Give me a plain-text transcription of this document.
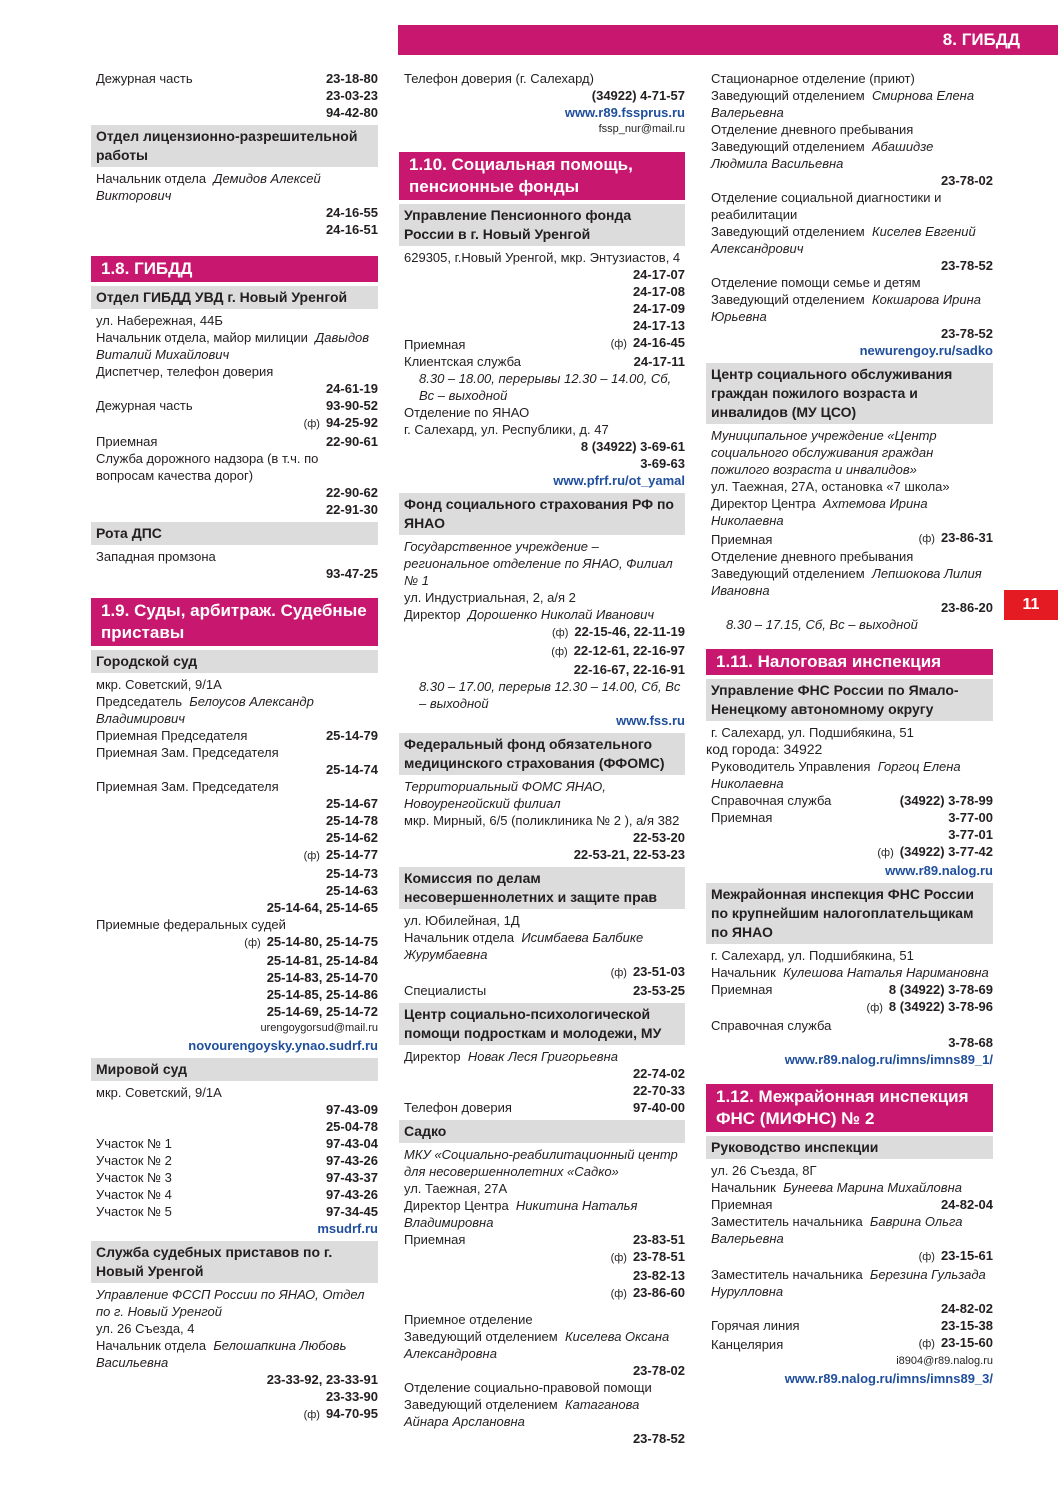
8. ГИБДД
11
Дежурная часть	23-18-80
23-03-23
94-42-80
Отдел лицензионно-разрешительной работы
Начальник отдела Демидов Алексей Викторович
24-16-55
24-16-51
1.8. ГИБДД
Отдел ГИБДД УВД г. Новый Уренгой
ул. Набережная, 44Б
Начальник отдела, майор милиции Давыдов Виталий Михайлович
Диспетчер, телефон доверия
24-61-19
Дежурная часть	93-90-52
(ф) 94-25-92
Приемная	22-90-61
Служба дорожного надзора (в т.ч. по вопросам качества дорог)
22-90-62
22-91-30
Рота ДПС
Западная промзона
93-47-25
1.9. Суды, арбитраж. Судебные приставы
Городской суд
мкр. Советский, 9/1А
Председатель Белоусов Александр Владимирович
Приемная Председателя	25-14-79
Приемная Зам. Председателя
25-14-74
Приемная Зам. Председателя
25-14-67
25-14-78
25-14-62
(ф) 25-14-77
25-14-73
25-14-63
25-14-64, 25-14-65
Приемные федеральных судей
(ф) 25-14-80, 25-14-75
25-14-81, 25-14-84
25-14-83, 25-14-70
25-14-85, 25-14-86
25-14-69, 25-14-72
urengoygorsud@mail.ru
novourengoysky.ynao.sudrf.ru
Мировой суд
мкр. Советский, 9/1А
97-43-09
25-04-78
Участок № 1	97-43-04
Участок № 2	97-43-26
Участок № 3	97-43-37
Участок № 4	97-43-26
Участок № 5	97-34-45
msudrf.ru
Служба судебных приставов по г. Новый Уренгой
Управление ФССП России по ЯНАО, Отдел по г. Новый Уренгой
ул. 26 Съезда, 4
Начальник отдела Белошапкина Любовь Васильевна
23-33-92, 23-33-91
23-33-90
(ф) 94-70-95
Телефон доверия (г. Салехард)
(34922) 4-71-57
www.r89.fssprus.ru
fssp_nur@mail.ru
1.10. Социальная помощь, пенсионные фонды
Управление Пенсионного фонда России в г. Новый Уренгой
629305, г.Новый Уренгой, мкр. Энтузиастов, 4
24-17-07
24-17-08
24-17-09
24-17-13
Приемная	(ф) 24-16-45
Клиентская служба	24-17-11
8.30 – 18.00, перерывы 12.30 – 14.00, Сб, Вс – выходной
Отделение по ЯНАО
г. Салехард, ул. Республики, д. 47
8 (34922) 3-69-61
3-69-63
www.pfrf.ru/ot_yamal
Фонд социального страхования РФ по ЯНАО
Государственное учреждение – региональное отделение по ЯНАО, Филиал № 1
ул. Индустриальная, 2, а/я 2
Директор Дорошенко Николай Иванович
(ф) 22-15-46, 22-11-19
(ф) 22-12-61, 22-16-97
22-16-67, 22-16-91
8.30 – 17.00, перерыв 12.30 – 14.00, Сб, Вс – выходной
www.fss.ru
Федеральный фонд обязательного медицинского страхования (ФФОМС)
Территориальный ФОМС ЯНАО, Новоуренгойский филиал
мкр. Мирный, 6/5 (поликлиника № 2 ), а/я 382
22-53-20
22-53-21, 22-53-23
Комиссия по делам несовершеннолетних и защите прав
ул. Юбилейная, 1Д
Начальник отдела Исимбаева Балбике Журумбаевна
(ф) 23-51-03
Специалисты	23-53-25
Центр социально-психологической помощи подросткам и молодежи, МУ
Директор Новак Леся Григорьевна
22-74-02
22-70-33
Телефон доверия	97-40-00
Садко
МКУ «Социально-реабилитационный центр для несовершеннолетних «Садко»
ул. Таежная, 27А
Директор Центра Никитина Наталья Владимировна
Приемная	23-83-51
(ф) 23-78-51
23-82-13
(ф) 23-86-60
Приемное отделение
Заведующий отделением Киселева Оксана Александровна
23-78-02
Отделение социально-правовой помощи
Заведующий отделением Катаганова Айнара Арслановна
23-78-52
Стационарное отделение (приют)
Заведующий отделением Смирнова Елена Валерьевна
Отделение дневного пребывания
Заведующий отделением Абашидзе Людмила Васильевна
23-78-02
Отделение социальной диагностики и реабилитации
Заведующий отделением Киселев Евгений Александрович
23-78-52
Отделение помощи семье и детям
Заведующий отделением Кокшарова Ирина Юрьевна
23-78-52
newurengoy.ru/sadko
Центр социального обслуживания граждан пожилого возраста и инвалидов (МУ ЦСО)
Муниципальное учреждение «Центр социального обслуживания граждан пожилого возраста и инвалидов»
ул. Таежная, 27А, остановка «7 школа»
Директор Центра Ахтемова Ирина Николаевна
Приемная	(ф) 23-86-31
Отделение дневного пребывания
Заведующий отделением Лепшокова Лилия Ивановна
23-86-20
8.30 – 17.15, Сб, Вс – выходной
1.11. Налоговая инспекция
Управление ФНС России по Ямало-Ненецкому автономному округу
г. Салехард, ул. Подшибякина, 51
код города: 34922
Руководитель Управления Горгоц Елена Николаевна
Справочная служба	(34922) 3-78-99
Приемная	3-77-00
3-77-01
(ф) (34922) 3-77-42
www.r89.nalog.ru
Межрайонная инспекция ФНС России по крупнейшим налогоплательщикам по ЯНАО
г. Салехард, ул. Подшибякина, 51
Начальник Кулешова Наталья Наримановна
Приемная	8 (34922) 3-78-69
(ф) 8 (34922) 3-78-96
Справочная служба
3-78-68
www.r89.nalog.ru/imns/imns89_1/
1.12. Межрайонная инспекция ФНС (МИФНС) № 2
Руководство инспекции
ул. 26 Съезда, 8Г
Начальник Бунеева Марина Михайловна
Приемная	24-82-04
Заместитель начальника Баврина Ольга Валерьевна
(ф) 23-15-61
Заместитель начальника Березина Гульзада Нурулловна
24-82-02
Горячая линия	23-15-38
Канцелярия	(ф) 23-15-60
i8904@r89.nalog.ru
www.r89.nalog.ru/imns/imns89_3/
